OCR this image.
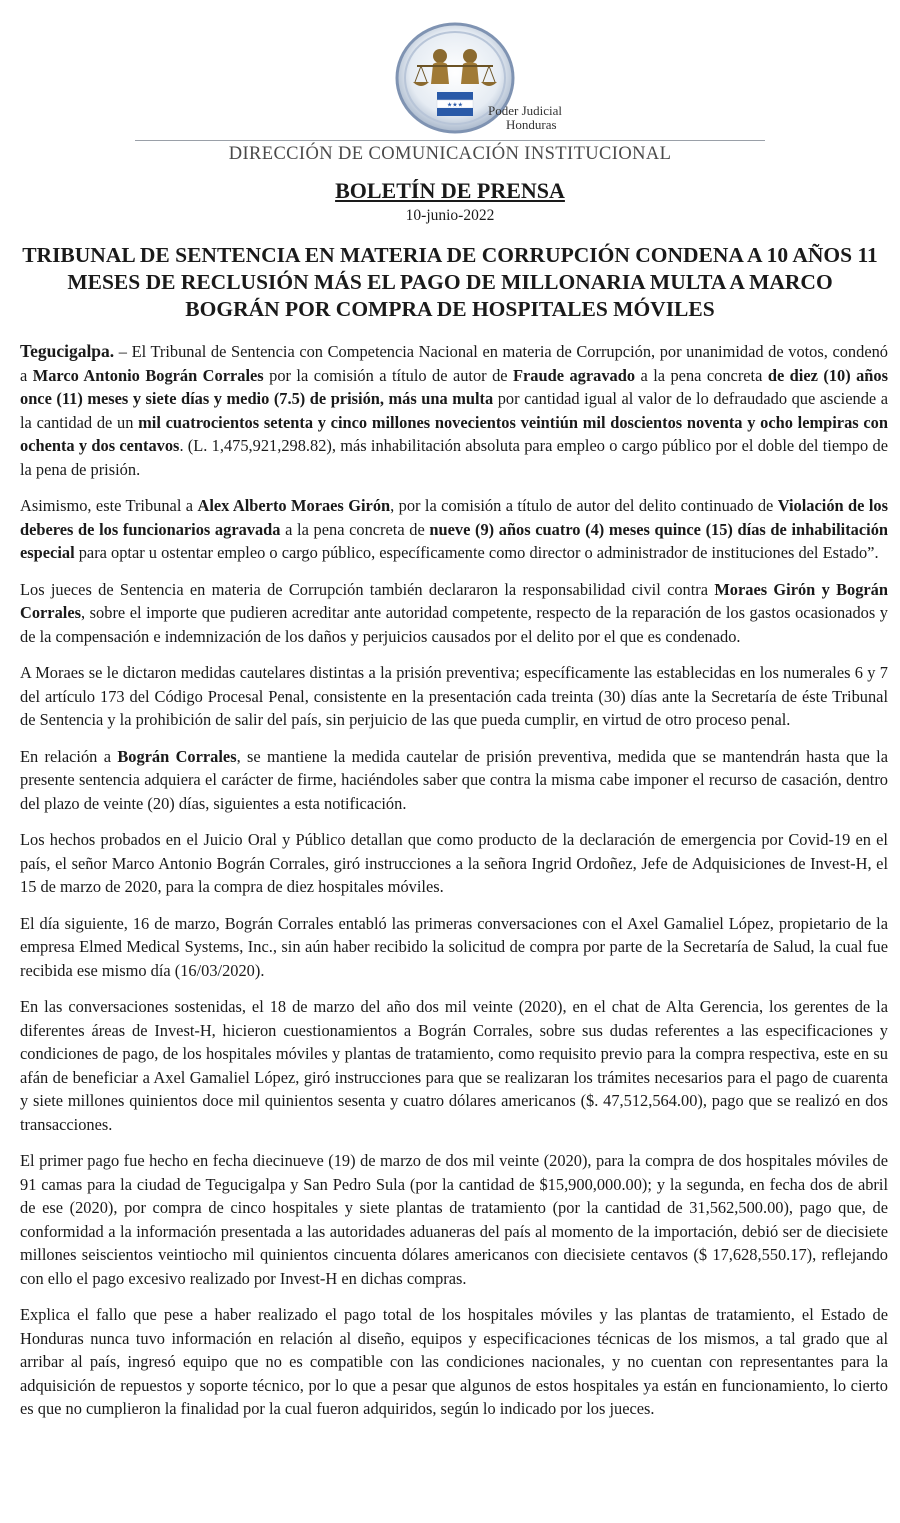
★★★ Poder Judicial
Honduras
DIRECCIÓN DE COMUNICACIÓN INSTITUCIONAL
BOLETÍN DE PRENSA
10-junio-2022
TRIBUNAL DE SENTENCIA EN MATERIA DE CORRUPCIÓN CONDENA A 10 AÑOS 11 MESES DE RECLUSIÓN MÁS EL PAGO DE MILLONARIA MULTA A MARCO BOGRÁN POR COMPRA DE HOSPITALES MÓVILES

Tegucigalpa. – El Tribunal de Sentencia con Competencia Nacional en materia de Corrupción, por unanimidad de votos, condenó a Marco Antonio Bográn Corrales por la comisión a título de autor de Fraude agravado a la pena concreta de diez (10) años once (11) meses y siete días y medio (7.5) de prisión, más una multa por cantidad igual al valor de lo defraudado que asciende a la cantidad de un mil cuatrocientos setenta y cinco millones novecientos veintiún mil doscientos noventa y ocho lempiras con ochenta y dos centavos. (L. 1,475,921,298.82), más inhabilitación absoluta para empleo o cargo público por el doble del tiempo de la pena de prisión.

Asimismo, este Tribunal a Alex Alberto Moraes Girón, por la comisión a título de autor del delito continuado de Violación de los deberes de los funcionarios agravada a la pena concreta de nueve (9) años cuatro (4) meses quince (15) días de inhabilitación especial para optar u ostentar empleo o cargo público, específicamente como director o administrador de instituciones del Estado”.

Los jueces de Sentencia en materia de Corrupción también declararon la responsabilidad civil contra Moraes Girón y Bográn Corrales, sobre el importe que pudieren acreditar ante autoridad competente, respecto de la reparación de los gastos ocasionados y de la compensación e indemnización de los daños y perjuicios causados por el delito por el que es condenado.

A Moraes se le dictaron medidas cautelares distintas a la prisión preventiva; específicamente las establecidas en los numerales 6 y 7 del artículo 173 del Código Procesal Penal, consistente en la presentación cada treinta (30) días ante la Secretaría de éste Tribunal de Sentencia y la prohibición de salir del país, sin perjuicio de las que pueda cumplir, en virtud de otro proceso penal.

En relación a Bográn Corrales, se mantiene la medida cautelar de prisión preventiva, medida que se mantendrán hasta que la presente sentencia adquiera el carácter de firme, haciéndoles saber que contra la misma cabe imponer el recurso de casación, dentro del plazo de veinte (20) días, siguientes a esta notificación.

Los hechos probados en el Juicio Oral y Público detallan que como producto de la declaración de emergencia por Covid-19 en el país, el señor Marco Antonio Bográn Corrales, giró instrucciones a la señora Ingrid Ordoñez, Jefe de Adquisiciones de Invest-H, el 15 de marzo de 2020, para la compra de diez hospitales móviles.

El día siguiente, 16 de marzo, Bográn Corrales entabló las primeras conversaciones con el Axel Gamaliel López, propietario de la empresa Elmed Medical Systems, Inc., sin aún haber recibido la solicitud de compra por parte de la Secretaría de Salud, la cual fue recibida ese mismo día (16/03/2020).

En las conversaciones sostenidas, el 18 de marzo del año dos mil veinte (2020), en el chat de Alta Gerencia, los gerentes de la diferentes áreas de Invest-H, hicieron cuestionamientos a Bográn Corrales, sobre sus dudas referentes a las especificaciones y condiciones de pago, de los hospitales móviles y plantas de tratamiento, como requisito previo para la compra respectiva, este en su afán de beneficiar a Axel Gamaliel López, giró instrucciones para que se realizaran los trámites necesarios para el pago de cuarenta y siete millones quinientos doce mil quinientos sesenta y cuatro dólares americanos ($. 47,512,564.00), pago que se realizó en dos transacciones.

El primer pago fue hecho en fecha diecinueve (19) de marzo de dos mil veinte (2020), para la compra de dos hospitales móviles de 91 camas para la ciudad de Tegucigalpa y San Pedro Sula (por la cantidad de $15,900,000.00); y la segunda, en fecha dos de abril de ese (2020), por compra de cinco hospitales y siete plantas de tratamiento (por la cantidad de 31,562,500.00), pago que, de conformidad a la información presentada a las autoridades aduaneras del país al momento de la importación, debió ser de diecisiete millones seiscientos veintiocho mil quinientos cincuenta dólares americanos con diecisiete centavos ($ 17,628,550.17), reflejando con ello el pago excesivo realizado por Invest-H en dichas compras.

Explica el fallo que pese a haber realizado el pago total de los hospitales móviles y las plantas de tratamiento, el Estado de Honduras nunca tuvo información en relación al diseño, equipos y especificaciones técnicas de los mismos, a tal grado que al arribar al país, ingresó equipo que no es compatible con las condiciones nacionales, y no cuentan con representantes para la adquisición de repuestos y soporte técnico, por lo que a pesar que algunos de estos hospitales ya están en funcionamiento, lo cierto es que no cumplieron la finalidad por la cual fueron adquiridos, según lo indicado por los jueces.
